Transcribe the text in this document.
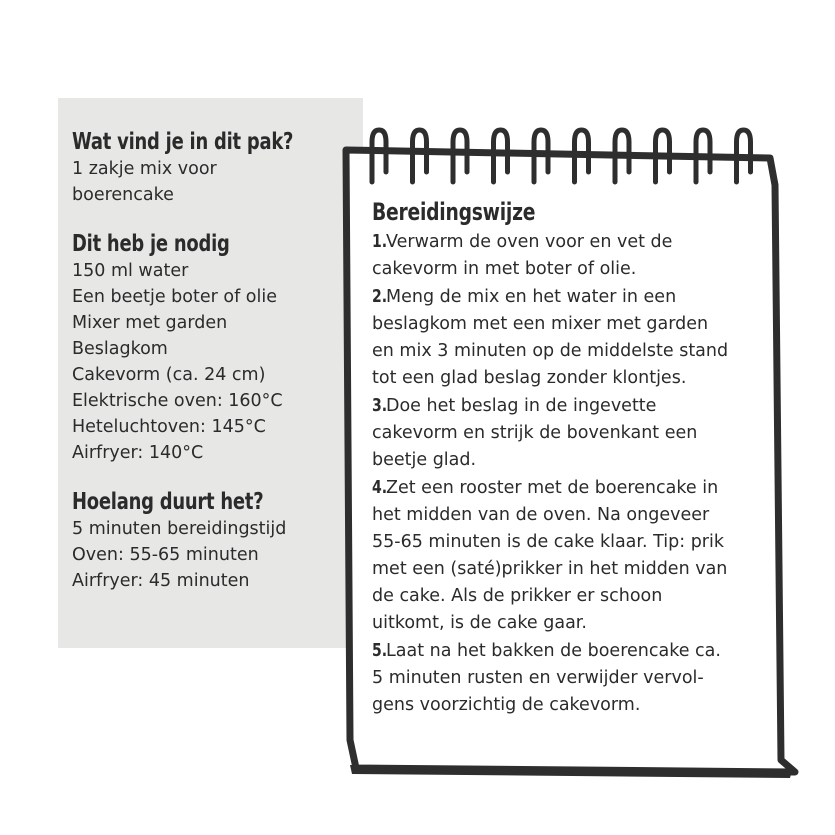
Wat vind je in dit pak?
1 zakje mix voor
boerencake
Dit heb je nodig
150 ml water
Een beetje boter of olie
Mixer met garden
Beslagkom
Cakevorm (ca. 24 cm)
Elektrische oven: 160°C
Heteluchtoven: 145°C
Airfryer: 140°C
Hoelang duurt het?
5 minuten bereidingstijd
Oven: 55-65 minuten
Airfryer: 45 minuten
Bereidingswijze
1.Verwarm de oven voor en vet de
cakevorm in met boter of olie.
2.Meng de mix en het water in een
beslagkom met een mixer met garden
en mix 3 minuten op de middelste stand
tot een glad beslag zonder klontjes.
3.Doe het beslag in de ingevette
cakevorm en strijk de bovenkant een
beetje glad.
4.Zet een rooster met de boerencake in
het midden van de oven. Na ongeveer
55-65 minuten is de cake klaar. Tip: prik
met een (saté)prikker in het midden van
de cake. Als de prikker er schoon
uitkomt, is de cake gaar.
5.Laat na het bakken de boerencake ca.
5 minuten rusten en verwijder vervol-
gens voorzichtig de cakevorm.
